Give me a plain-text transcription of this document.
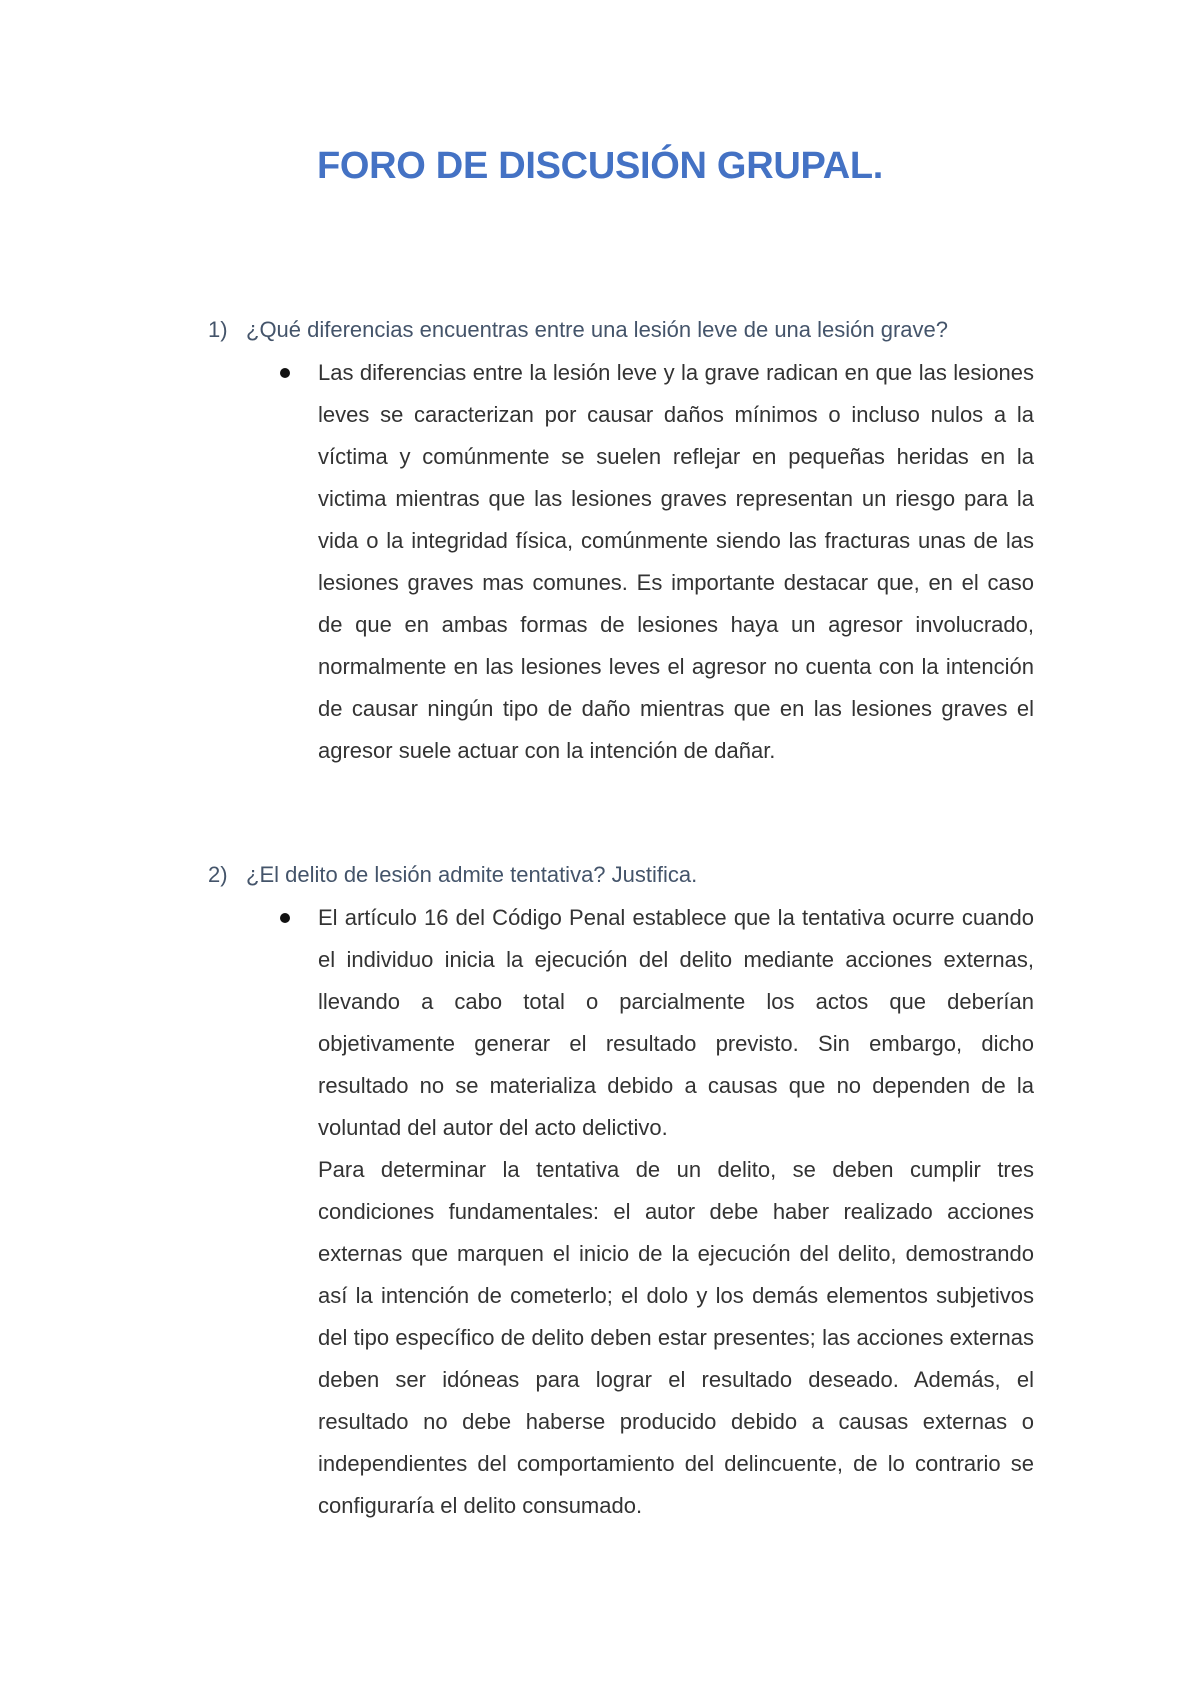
FORO DE DISCUSIÓN GRUPAL.
1) ¿Qué diferencias encuentras entre una lesión leve de una lesión grave?

Las diferencias entre la lesión leve y la grave radican en que las lesiones leves se caracterizan por causar daños mínimos o incluso nulos a la víctima y comúnmente se suelen reflejar en pequeñas heridas en la victima mientras que las lesiones graves representan un riesgo para la vida o la integridad física, comúnmente siendo las fracturas unas de las lesiones graves mas comunes. Es importante destacar que, en el caso de que en ambas formas de lesiones haya un agresor involucrado, normalmente en las lesiones leves el agresor no cuenta con la intención de causar ningún tipo de daño mientras que en las lesiones graves el agresor suele actuar con la intención de dañar.

2) ¿El delito de lesión admite tentativa? Justifica.

El artículo 16 del Código Penal establece que la tentativa ocurre cuando el individuo inicia la ejecución del delito mediante acciones externas, llevando a cabo total o parcialmente los actos que deberían objetivamente generar el resultado previsto. Sin embargo, dicho resultado no se materializa debido a causas que no dependen de la voluntad del autor del acto delictivo.

Para determinar la tentativa de un delito, se deben cumplir tres condiciones fundamentales: el autor debe haber realizado acciones externas que marquen el inicio de la ejecución del delito, demostrando así la intención de cometerlo; el dolo y los demás elementos subjetivos del tipo específico de delito deben estar presentes; las acciones externas deben ser idóneas para lograr el resultado deseado. Además, el resultado no debe haberse producido debido a causas externas o independientes del comportamiento del delincuente, de lo contrario se configuraría el delito consumado.
